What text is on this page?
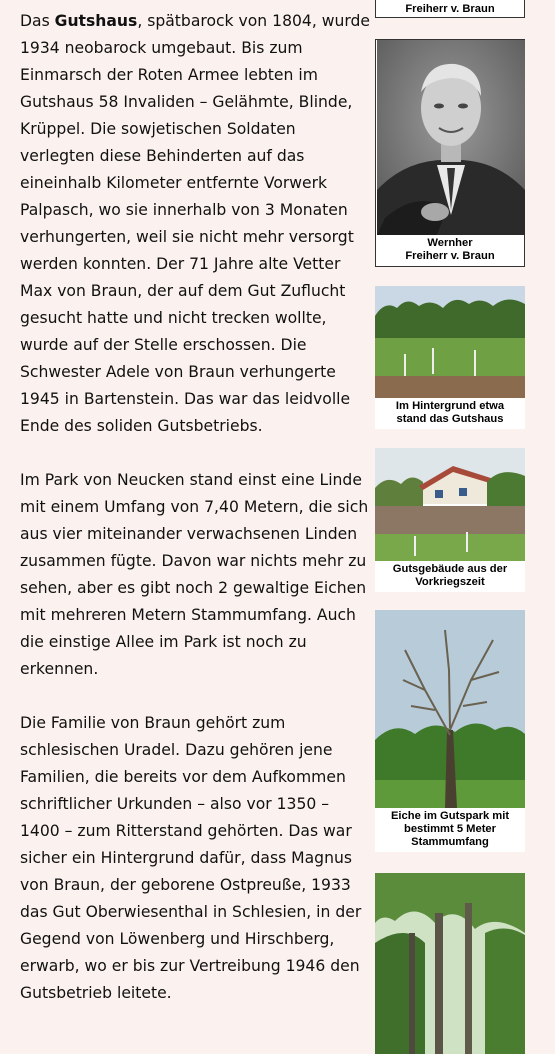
Das Gutshaus, spätbarock von 1804, wurde 1934 neobarock umgebaut. Bis zum Einmarsch der Roten Armee lebten im Gutshaus 58 Invaliden – Gelähmte, Blinde, Krüppel. Die sowjetischen Soldaten verlegten diese Behinderten auf das eineinhalb Kilometer entfernte Vorwerk Palpasch, wo sie innerhalb von 3 Monaten verhungerten, weil sie nicht mehr versorgt werden konnten. Der 71 Jahre alte Vetter Max von Braun, der auf dem Gut Zuflucht gesucht hatte und nicht trecken wollte, wurde auf der Stelle erschossen. Die Schwester Adele von Braun verhungerte 1945 in Bartenstein. Das war das leidvolle Ende des soliden Gutsbetriebs.

Im Park von Neucken stand einst eine Linde mit einem Umfang von 7,40 Metern, die sich aus vier miteinander verwachsenen Linden zusammen fügte. Davon war nichts mehr zu sehen, aber es gibt noch 2 gewaltige Eichen mit mehreren Metern Stammumfang. Auch die einstige Allee im Park ist noch zu erkennen.

Die Familie von Braun gehört zum schlesischen Uradel. Dazu gehören jene Familien, die bereits vor dem Aufkommen schriftlicher Urkunden – also vor 1350 – 1400 – zum Ritterstand gehörten. Das war sicher ein Hintergrund dafür, dass Magnus von Braun, der geborene Ostpreuße, 1933 das Gut Oberwiesenthal in Schlesien, in der Gegend von Löwenberg und Hirschberg, erwarb, wo er bis zur Vertreibung 1946 den Gutsbetrieb leitete.

Freiherr v. Braun
Wernher
Freiherr v. Braun
Im Hintergrund etwa
stand das Gutshaus
Gutsgebäude aus der
Vorkriegszeit
Eiche im Gutspark mit
bestimmt 5 Meter
Stammumfang
